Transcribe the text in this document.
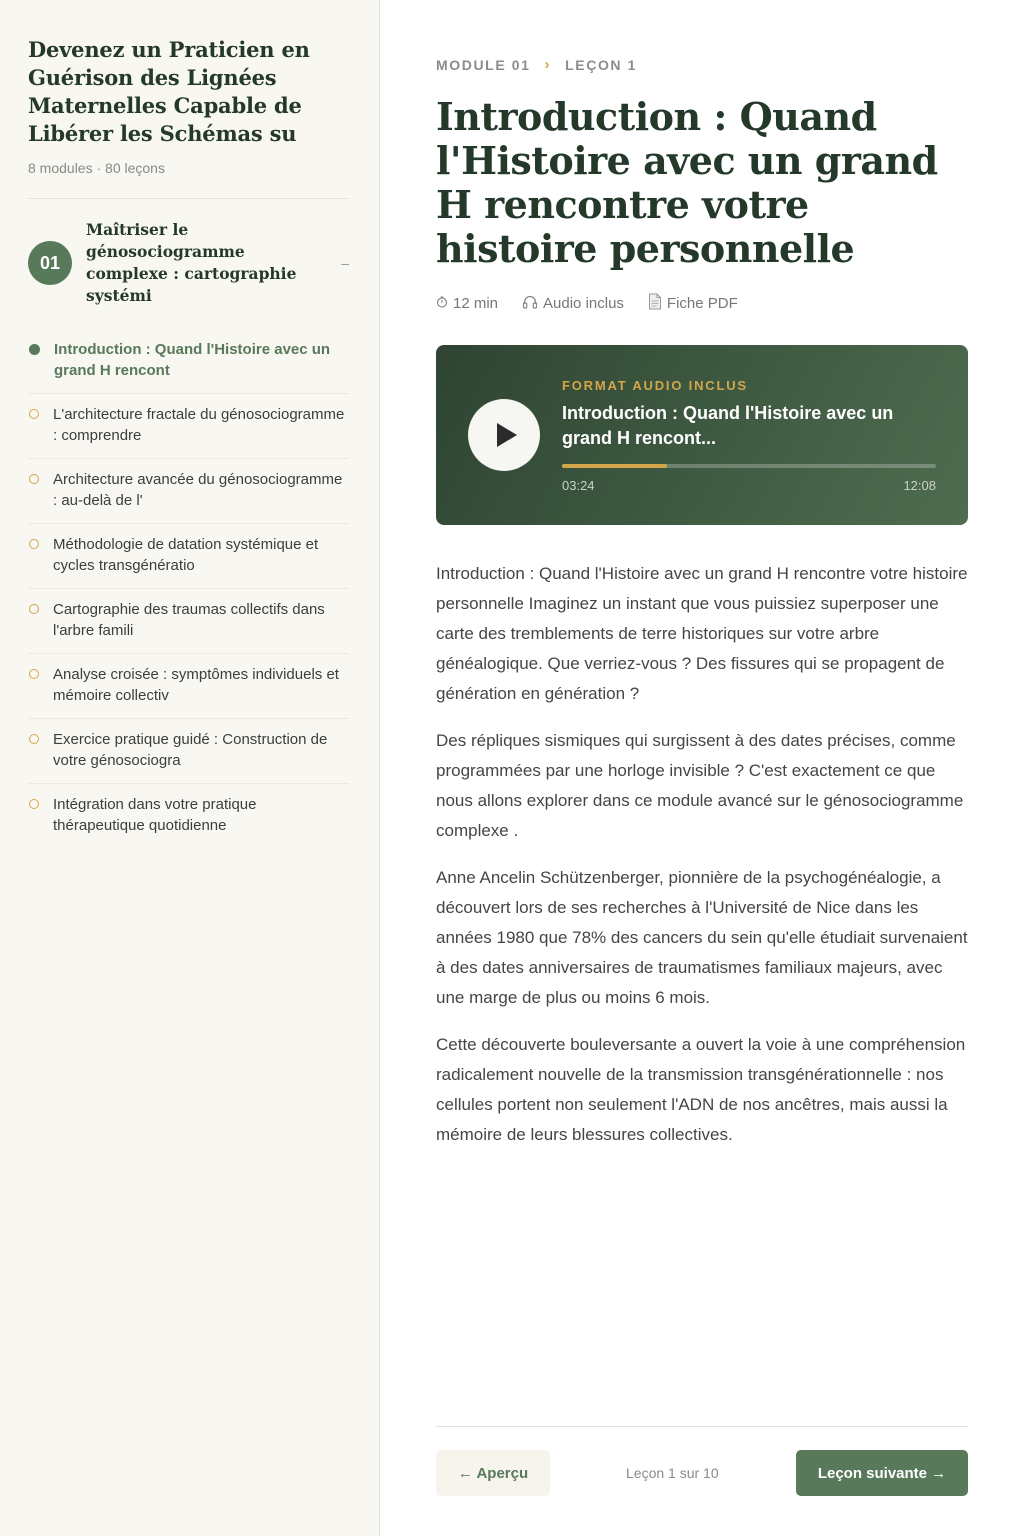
Devenez un Praticien en Guérison des Lignées Maternelles Capable de Libérer les Schémas su
8 modules · 80 leçons
01
Maîtriser le génosociogramme complexe : cartographie systémi
–
Introduction : Quand l'Histoire avec un grand H rencont
L'architecture fractale du génosociogramme : comprendre
Architecture avancée du génosociogramme : au-delà de l'
Méthodologie de datation systémique et cycles transgénératio
Cartographie des traumas collectifs dans l'arbre famili
Analyse croisée : symptômes individuels et mémoire collectiv
Exercice pratique guidé : Construction de votre génosociogra
Intégration dans votre pratique thérapeutique quotidienne
MODULE 01 › LEÇON 1
Introduction : Quand l'Histoire avec un grand H rencontre votre histoire personnelle
12 min	Audio inclus	Fiche PDF
FORMAT AUDIO INCLUS
Introduction : Quand l'Histoire avec un grand H rencont...
03:24	12:08

Introduction : Quand l'Histoire avec un grand H rencontre votre histoire personnelle Imaginez un instant que vous puissiez superposer une carte des tremblements de terre historiques sur votre arbre généalogique. Que verriez-vous ? Des fissures qui se propagent de génération en génération ?

Des répliques sismiques qui surgissent à des dates précises, comme programmées par une horloge invisible ? C'est exactement ce que nous allons explorer dans ce module avancé sur le génosociogramme complexe .

Anne Ancelin Schützenberger, pionnière de la psychogénéalogie, a découvert lors de ses recherches à l'Université de Nice dans les années 1980 que 78% des cancers du sein qu'elle étudiait survenaient à des dates anniversaires de traumatismes familiaux majeurs, avec une marge de plus ou moins 6 mois.

Cette découverte bouleversante a ouvert la voie à une compréhension radicalement nouvelle de la transmission transgénérationnelle : nos cellules portent non seulement l'ADN de nos ancêtres, mais aussi la mémoire de leurs blessures collectives.

← Aperçu	Leçon 1 sur 10	Leçon suivante →
